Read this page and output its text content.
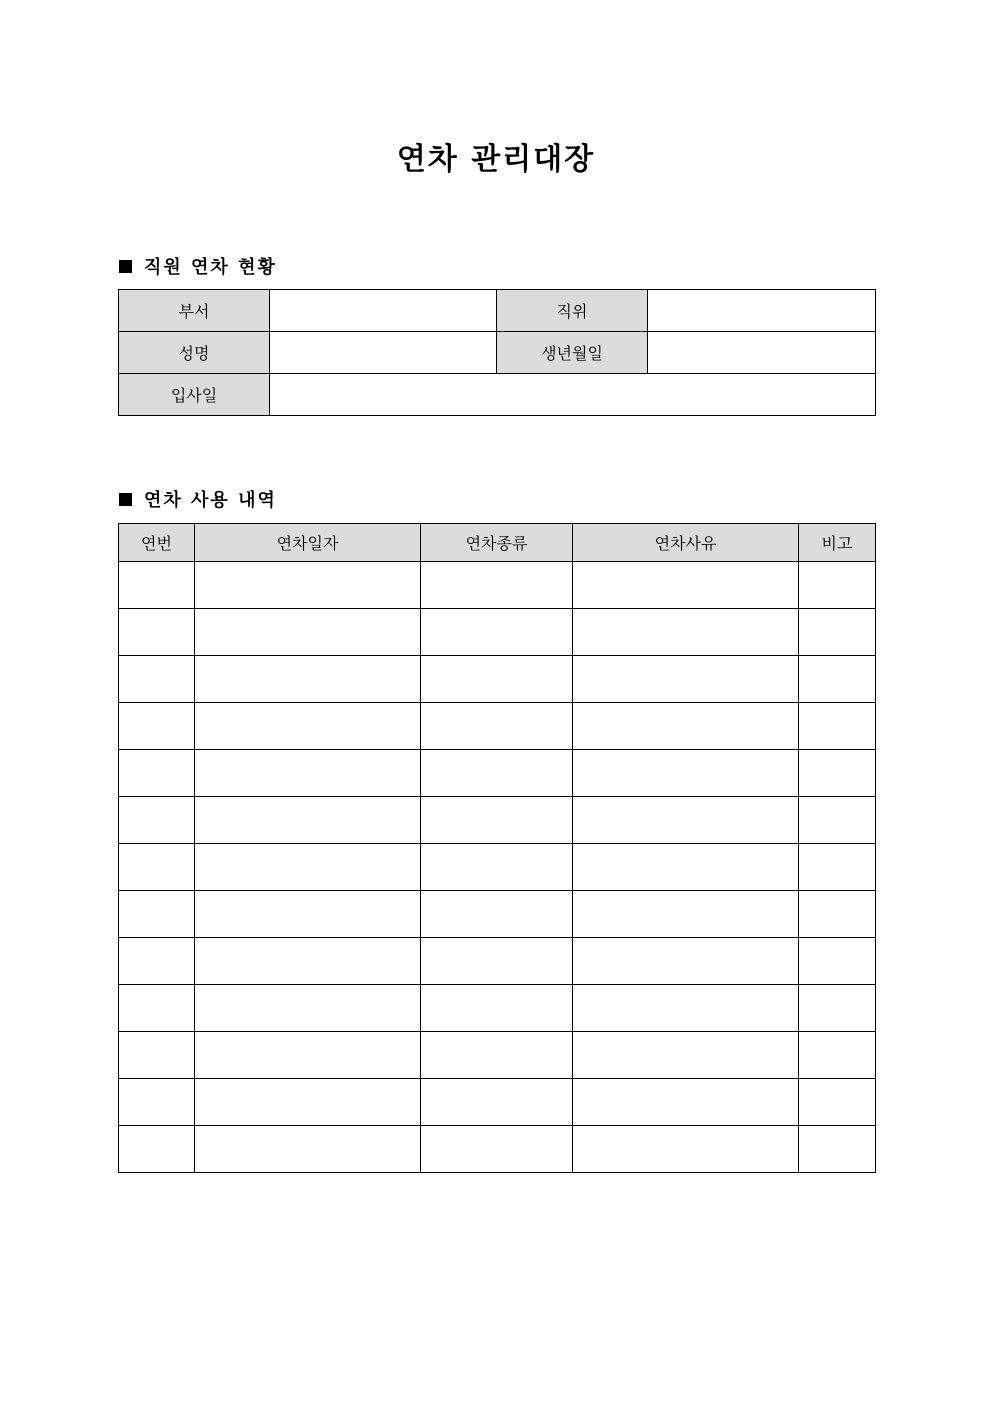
연차 관리대장
직원 연차 현황
부서		직위	
성명		생년월일	
입사일			
연차 사용 내역
연번	연차일자	연차종류	연차사유	비고
